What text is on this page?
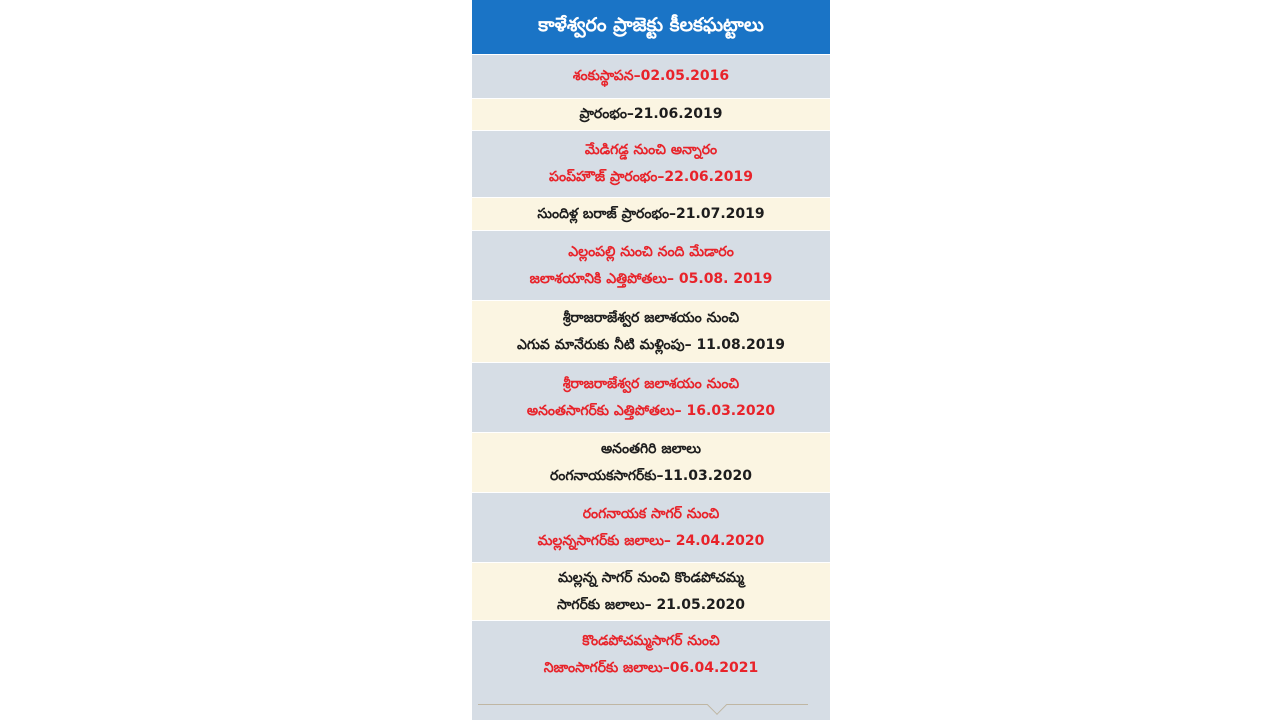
కాళేశ్వరం ప్రాజెక్టు కీలకఘట్టాలు
శంకుస్థాపన–02.05.2016
ప్రారంభం–21.06.2019
మేడిగడ్డ నుంచి అన్నారం
పంప్‌హౌజ్‌ ప్రారంభం–22.06.2019
సుందిళ్ల బరాజ్‌ ప్రారంభం–21.07.2019
ఎల్లంపల్లి నుంచి నంది మేడారం
జలాశయానికి ఎత్తిపోతలు– 05.08. 2019
శ్రీరాజరాజేశ్వర జలాశయం నుంచి
ఎగువ మానేరుకు నీటి మళ్లింపు– 11.08.2019
శ్రీరాజరాజేశ్వర జలాశయం నుంచి
అనంతసాగర్‌కు ఎత్తిపోతలు– 16.03.2020
అనంతగిరి జలాలు
రంగనాయకసాగర్‌కు–11.03.2020
రంగనాయక సాగర్‌ నుంచి
మల్లన్నసాగర్‌కు జలాలు– 24.04.2020
మల్లన్న సాగర్‌ నుంచి కొండపోచమ్మ
సాగర్‌కు జలాలు– 21.05.2020
కొండపోచమ్మసాగర్‌ నుంచి
నిజాంసాగర్‌కు జలాలు–06.04.2021
